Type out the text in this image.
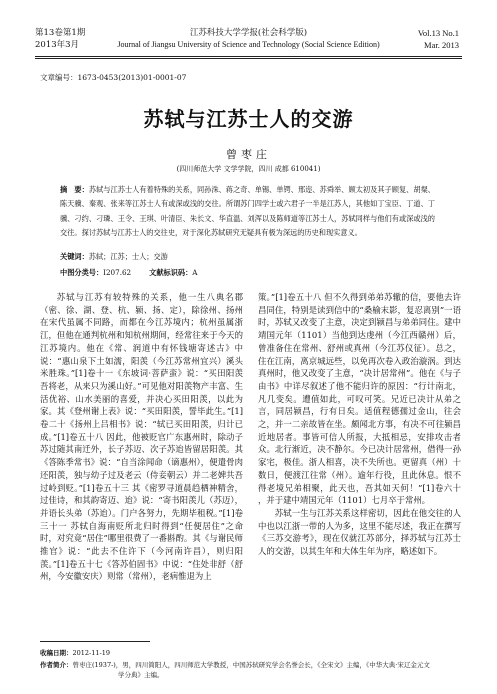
第13卷第1期
2013年3月
江苏科技大学学报(社会科学版)
Journal of Jiangsu University of Science and Technology (Social Science Edition)
Vol.13 No.1
Mar. 2013
文章编号：1673-0453(2013)01-0001-07
苏轼与江苏士人的交游
曾枣庄
(四川师范大学 文学学院，四川 成都 610041)
摘　要：苏轼与江苏士人有着特殊的关系，同孙洙、蒋之奇、单锡、单锷、邢迩、苏舜举、顾太初及其子顾复、胡粲、陈天骥、秦观、张来等江苏士人有或深或浅的交往。所谓苏门四学士或六君子一半是江苏人，其他如丁宝臣、丁道、丁骥、刁约、刁璘、王令、王琪、叶清臣、朱长文、华直温、刘浑以及陈师道等江苏士人，苏轼同样与他们有或深或浅的交往。探讨苏轼与江苏士人的交往史，对于深化苏轼研究无疑具有极为深远的历史和现实意义。
关键词：苏轼；江苏；士人；交游
中图分类号：I207.62	文献标识码：A

苏轼与江苏有较特殊的关系，他一生八典名郡（密、徐、湖、登、杭、颍、扬、定），除徐州、扬州在宋代虽属不同路，而都在今江苏境内；杭州虽属浙江，但他在通判杭州和知杭州期间，经常往来于今天的江苏境内。他在《常、润道中有怀钱塘寄述古》中说：“惠山泉下土如濡，阳羡（今江苏常州宜兴）溪头米胜珠。”[1]卷十一《东坡词·菩萨蛮》说：“买田阳羡吾将老，从来只为溪山好。”可见他对阳羡物产丰富、生活优裕、山水美丽的喜爱，并决心买田阳羡，以此为家。其《登州谢上表》说：“买田阳羡，誓毕此生。”[1]卷二十《扬州上吕相书》说：“轼已买田阳羡，归计已成。”[1]卷五十八 因此，他被贬官广东惠州时，除动子苏过随其南迁外，长子苏迈、次子苏迨皆留居阳羡。其《答陈季常书》说：“自当涂闻命（谪惠州），便遣骨肉还阳羡，独与幼子过及老云（侍妾朝云）并二老婢共吾过岭到贬。”[1]卷五十三 其《密罗寻道晨趋栖神精舍，过佳诗，和其韵寄迈、迨》说：“寄书阳羡儿（苏迈），并语长头弟（苏迨）。门户各努力，先期毕租税。”[1]卷三十一 苏轼自海南贬所北归时得到“任便居住”之命时，对究竟“居住”哪里很费了一番斟酌。其《与谢民师推官》说：“此去不住许下（今河南许昌），则归阳羡。”[1]卷五十七《答苏伯固书》中说：“住处非舒（舒州，今安徽安庆）则常（常州），老病惟退为上

策。”[1]卷五十八 但不久得到弟弟苏辙的信，要他去许昌同住，特别是读到信中的“桑榆末影，复忍离别”一语时，苏轼又改变了主意，决定到颍昌与弟弟同住。建中靖国元年（1101）当他到达虔州（今江西赣州）后，曾准备住在常州、舒州或真州（今江苏仪征）。总之，住在江南，离京城远些，以免再次卷入政治漩涡。到达真州时，他又改变了主意，“决计居常州”。他在《与子由书》中详尽叙述了他不能归许的原因：“行计南北，凡几变矣。遭值如此，可叹可笑。兄近已决计从弟之言，同居颍昌，行有日矣。适值程德孺过金山，往会之，并一二亲故皆在坐。颇闻北方事，有决不可往颍昌近地居者。事皆可信人所报，大抵相忌，安排攻击者众。北行渐近，决不静尔。今已决计居常州，借得一孙家宅，极佳。浙人相喜，决不失所也。更留真（州）十数日，便渡江往常（州）。逾年行役，且此休息。恨不得老境兄弟相聚，此天也，吾其如天何！”[1]卷六十 ，并于建中靖国元年（1101）七月卒于常州。

苏轼一生与江苏关系这样密切，因此在他交往的人中也以江浙一带的人为多，这里不能尽述，我正在撰写《三苏交游考》，现在仅就江苏部分，择苏轼与江苏士人的交游，以其生年和大体生年为序，略述如下。

收稿日期：2012-11-19
作者简介：曾枣庄(1937-)，男，四川简阳人，四川师范大学教授，中国苏轼研究学会名誉会长，《全宋文》主编，《中华大典·宋辽金元文
学分典》主编。
